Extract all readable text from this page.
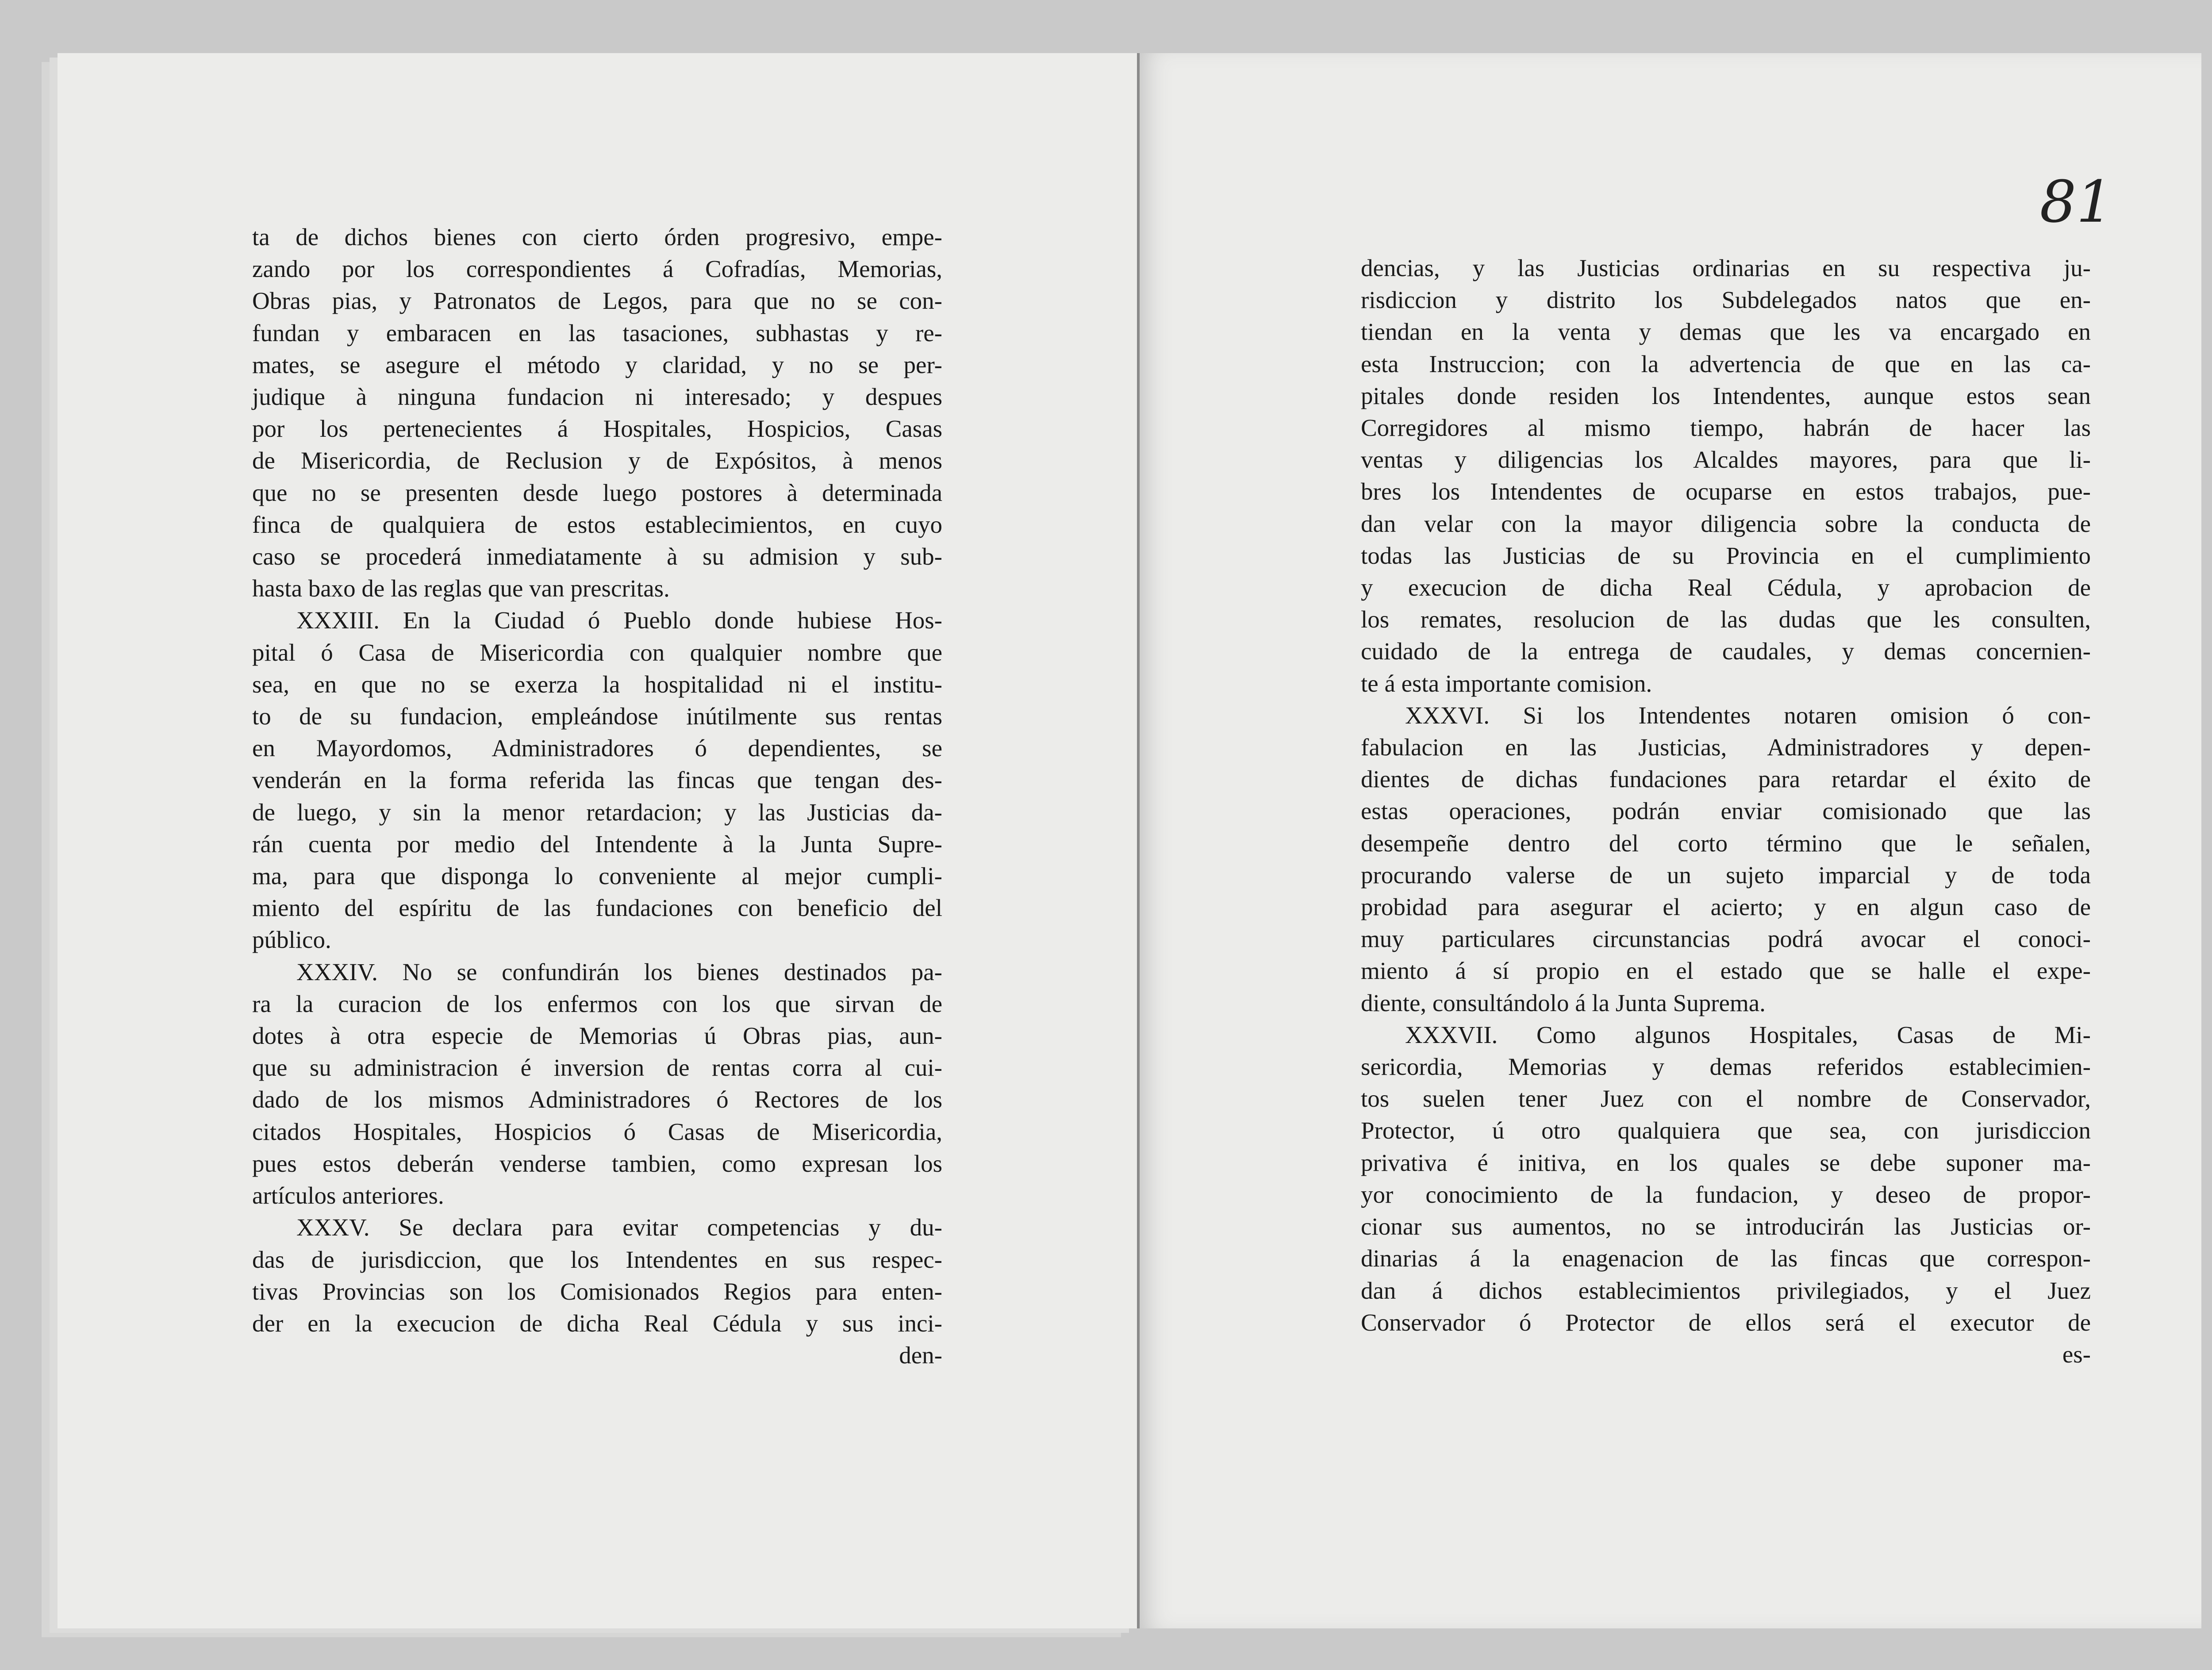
ta de dichos bienes con cierto órden progresivo, empe-
zando por los correspondientes á Cofradías, Memorias,
Obras pias, y Patronatos de Legos, para que no se con-
fundan y embaracen en las tasaciones, subhastas y re-
mates, se asegure el método y claridad, y no se per-
judique à ninguna fundacion ni interesado; y despues
por los pertenecientes á Hospitales, Hospicios, Casas
de Misericordia, de Reclusion y de Expósitos, à menos
que no se presenten desde luego postores à determinada
finca de qualquiera de estos establecimientos, en cuyo
caso se procederá inmediatamente à su admision y sub-
hasta baxo de las reglas que van prescritas.
XXXIII. En la Ciudad ó Pueblo donde hubiese Hos-
pital ó Casa de Misericordia con qualquier nombre que
sea, en que no se exerza la hospitalidad ni el institu-
to de su fundacion, empleándose inútilmente sus rentas
en Mayordomos, Administradores ó dependientes, se
venderán en la forma referida las fincas que tengan des-
de luego, y sin la menor retardacion; y las Justicias da-
rán cuenta por medio del Intendente à la Junta Supre-
ma, para que disponga lo conveniente al mejor cumpli-
miento del espíritu de las fundaciones con beneficio del
público.
XXXIV. No se confundirán los bienes destinados pa-
ra la curacion de los enfermos con los que sirvan de
dotes à otra especie de Memorias ú Obras pias, aun-
que su administracion é inversion de rentas corra al cui-
dado de los mismos Administradores ó Rectores de los
citados Hospitales, Hospicios ó Casas de Misericordia,
pues estos deberán venderse tambien, como expresan los
artículos anteriores.
XXXV. Se declara para evitar competencias y du-
das de jurisdiccion, que los Intendentes en sus respec-
tivas Provincias son los Comisionados Regios para enten-
der en la execucion de dicha Real Cédula y sus inci-
den-
81
dencias, y las Justicias ordinarias en su respectiva ju-
risdiccion y distrito los Subdelegados natos que en-
tiendan en la venta y demas que les va encargado en
esta Instruccion; con la advertencia de que en las ca-
pitales donde residen los Intendentes, aunque estos sean
Corregidores al mismo tiempo, habrán de hacer las
ventas y diligencias los Alcaldes mayores, para que li-
bres los Intendentes de ocuparse en estos trabajos, pue-
dan velar con la mayor diligencia sobre la conducta de
todas las Justicias de su Provincia en el cumplimiento
y execucion de dicha Real Cédula, y aprobacion de
los remates, resolucion de las dudas que les consulten,
cuidado de la entrega de caudales, y demas concernien-
te á esta importante comision.
XXXVI. Si los Intendentes notaren omision ó con-
fabulacion en las Justicias, Administradores y depen-
dientes de dichas fundaciones para retardar el éxito de
estas operaciones, podrán enviar comisionado que las
desempeñe dentro del corto término que le señalen,
procurando valerse de un sujeto imparcial y de toda
probidad para asegurar el acierto; y en algun caso de
muy particulares circunstancias podrá avocar el conoci-
miento á sí propio en el estado que se halle el expe-
diente, consultándolo á la Junta Suprema.
XXXVII. Como algunos Hospitales, Casas de Mi-
sericordia, Memorias y demas referidos establecimien-
tos suelen tener Juez con el nombre de Conservador,
Protector, ú otro qualquiera que sea, con jurisdiccion
privativa é initiva, en los quales se debe suponer ma-
yor conocimiento de la fundacion, y deseo de propor-
cionar sus aumentos, no se introducirán las Justicias or-
dinarias á la enagenacion de las fincas que correspon-
dan á dichos establecimientos privilegiados, y el Juez
Conservador ó Protector de ellos será el executor de
es-
